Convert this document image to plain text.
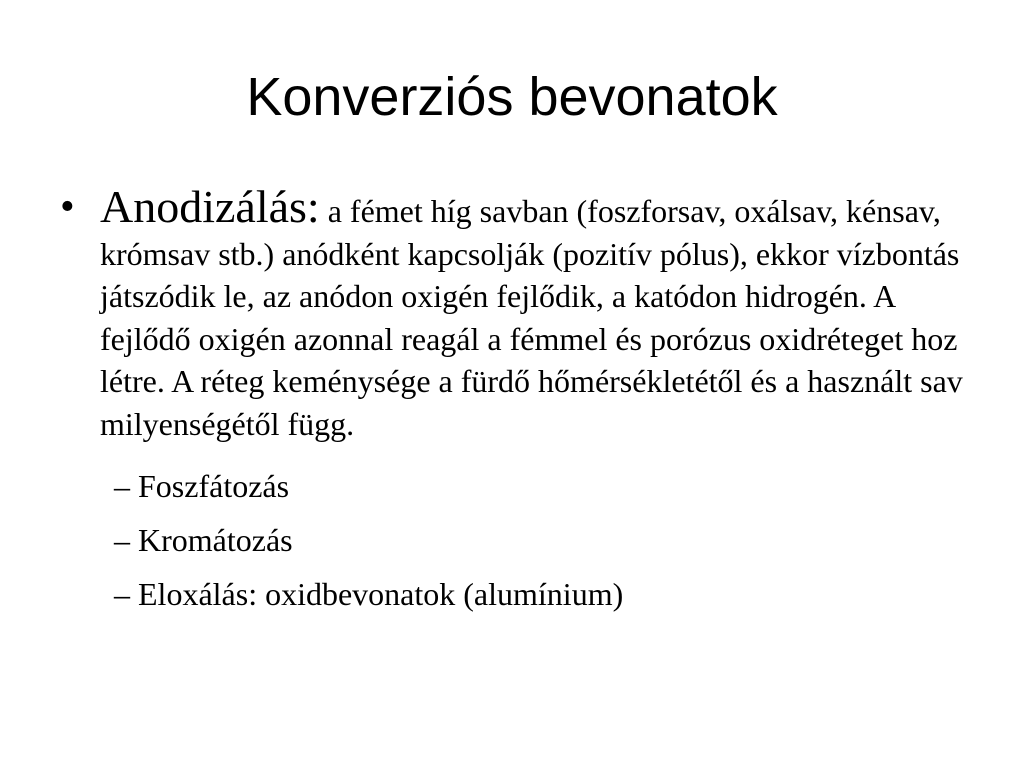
Konverziós bevonatok
• Anodizálás: a fémet híg savban (foszforsav, oxálsav, kénsav, krómsav stb.) anódként kapcsolják (pozitív pólus), ekkor vízbontás játszódik le, az anódon oxigén fejlődik, a katódon hidrogén. A fejlődő oxigén azonnal reagál a fémmel és porózus oxidréteget hoz létre. A réteg keménysége a fürdő hőmérsékletétől és a használt sav milyenségétől függ.
– Foszfátozás
– Kromátozás
– Eloxálás: oxidbevonatok (alumínium)
